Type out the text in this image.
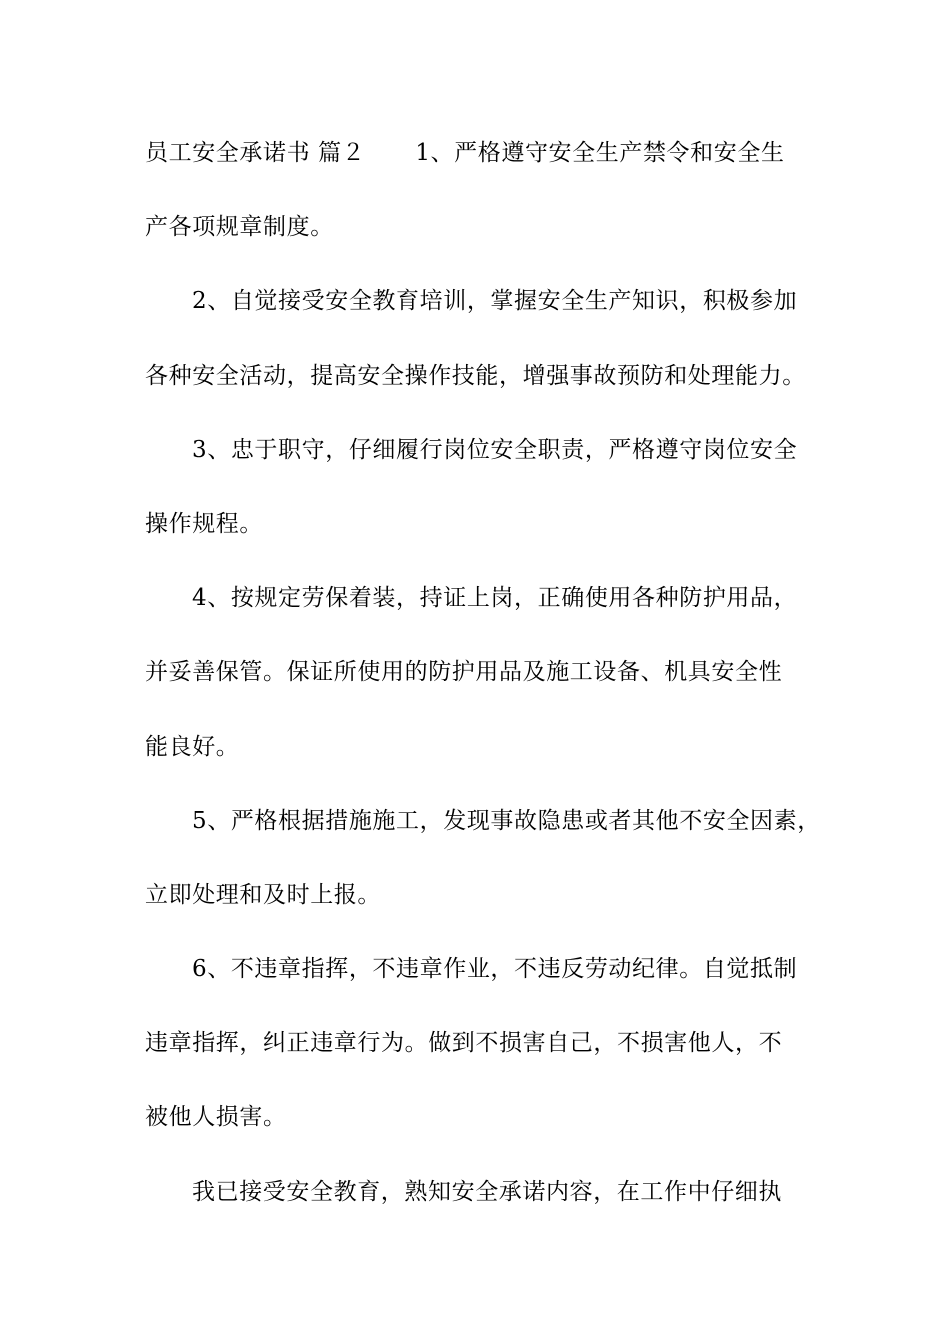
员工安全承诺书 篇２ 1、严格遵守安全生产禁令和安全生
产各项规章制度。
2、自觉接受安全教育培训，掌握安全生产知识，积极参加
各种安全活动，提高安全操作技能，增强事故预防和处理能力。
3、忠于职守，仔细履行岗位安全职责，严格遵守岗位安全
操作规程。
4、按规定劳保着装，持证上岗，正确使用各种防护用品，
并妥善保管。保证所使用的防护用品及施工设备、机具安全性
能良好。
5、严格根据措施施工，发现事故隐患或者其他不安全因素，
立即处理和及时上报。
6、不违章指挥，不违章作业，不违反劳动纪律。自觉抵制
违章指挥，纠正违章行为。做到不损害自己，不损害他人，不
被他人损害。
我已接受安全教育，熟知安全承诺内容，在工作中仔细执
